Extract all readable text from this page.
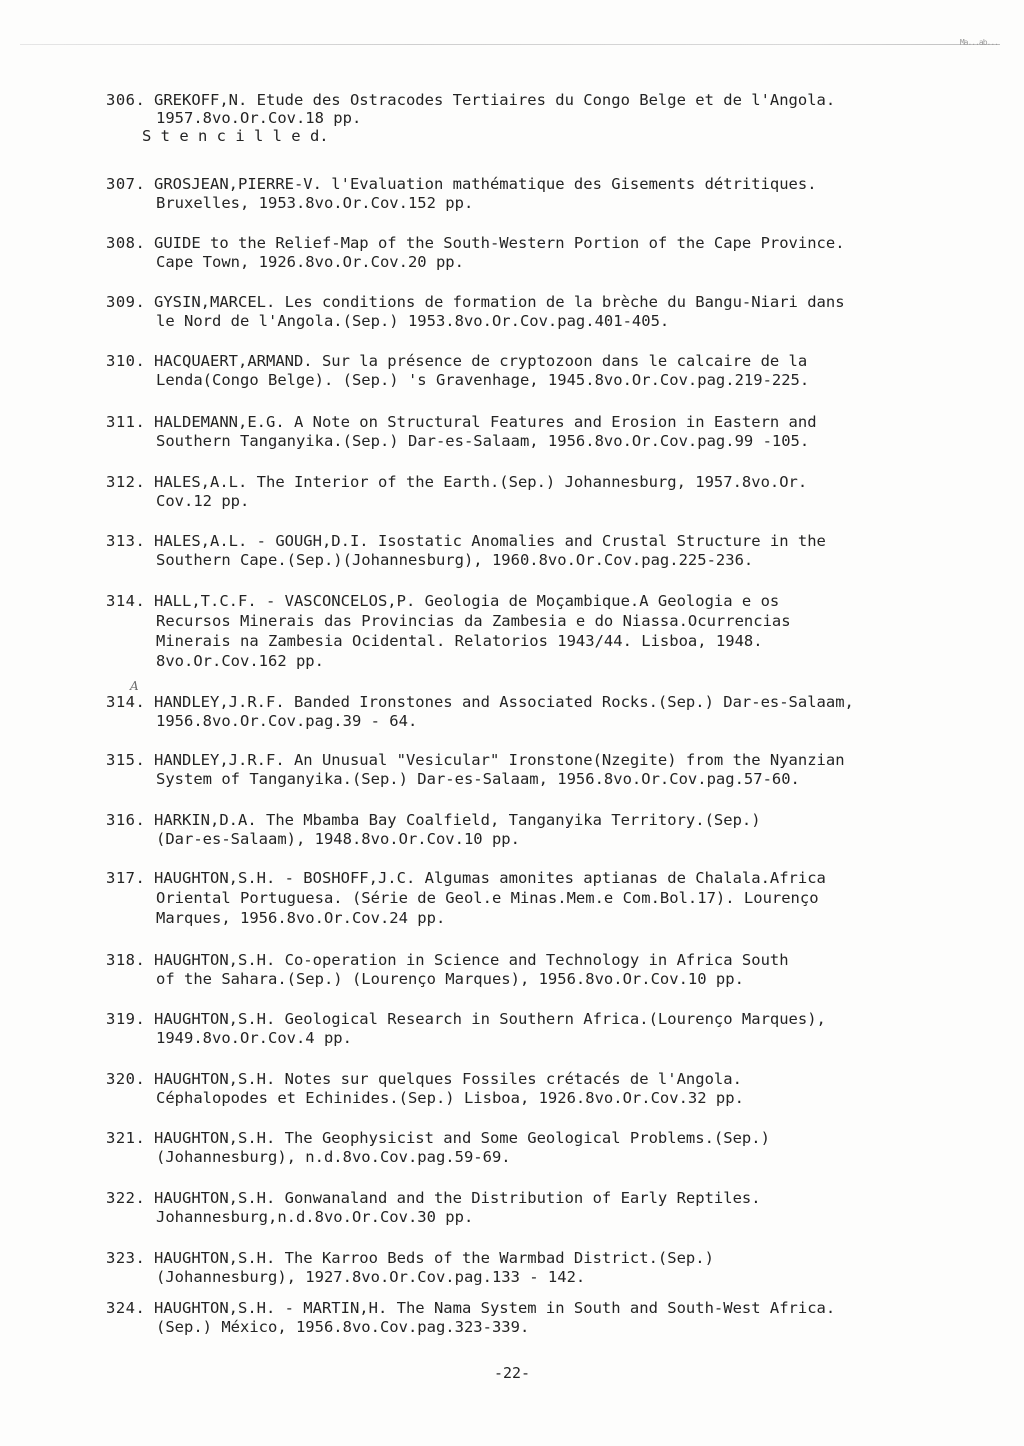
Ma...ab...
306. GREKOFF,N. Etude des Ostracodes Tertiaires du Congo Belge et de l'Angola.
1957.8vo.Or.Cov.18 pp.
S t e n c i l l e d.
307. GROSJEAN,PIERRE-V. l'Evaluation mathématique des Gisements détritiques.
Bruxelles, 1953.8vo.Or.Cov.152 pp.
308. GUIDE to the Relief-Map of the South-Western Portion of the Cape Province.
Cape Town, 1926.8vo.Or.Cov.20 pp.
309. GYSIN,MARCEL. Les conditions de formation de la brèche du Bangu-Niari dans
le Nord de l'Angola.(Sep.) 1953.8vo.Or.Cov.pag.401-405.
310. HACQUAERT,ARMAND. Sur la présence de cryptozoon dans le calcaire de la
Lenda(Congo Belge). (Sep.) 's Gravenhage, 1945.8vo.Or.Cov.pag.219-225.
311. HALDEMANN,E.G. A Note on Structural Features and Erosion in Eastern and
Southern Tanganyika.(Sep.) Dar-es-Salaam, 1956.8vo.Or.Cov.pag.99 -105.
312. HALES,A.L. The Interior of the Earth.(Sep.) Johannesburg, 1957.8vo.Or.
Cov.12 pp.
313. HALES,A.L. - GOUGH,D.I. Isostatic Anomalies and Crustal Structure in the
Southern Cape.(Sep.)(Johannesburg), 1960.8vo.Or.Cov.pag.225-236.
314. HALL,T.C.F. - VASCONCELOS,P. Geologia de Moçambique.A Geologia e os
Recursos Minerais das Provincias da Zambesia e do Niassa.Ocurrencias
Minerais na Zambesia Ocidental. Relatorios 1943/44. Lisboa, 1948.
8vo.Or.Cov.162 pp.
314.
A
HANDLEY,J.R.F. Banded Ironstones and Associated Rocks.(Sep.) Dar-es-Salaam,
1956.8vo.Or.Cov.pag.39 - 64.
315. HANDLEY,J.R.F. An Unusual "Vesicular" Ironstone(Nzegite) from the Nyanzian
System of Tanganyika.(Sep.) Dar-es-Salaam, 1956.8vo.Or.Cov.pag.57-60.
316. HARKIN,D.A. The Mbamba Bay Coalfield, Tanganyika Territory.(Sep.)
(Dar-es-Salaam), 1948.8vo.Or.Cov.10 pp.
317. HAUGHTON,S.H. - BOSHOFF,J.C. Algumas amonites aptianas de Chalala.Africa
Oriental Portuguesa. (Série de Geol.e Minas.Mem.e Com.Bol.17). Lourenço
Marques, 1956.8vo.Or.Cov.24 pp.
318. HAUGHTON,S.H. Co-operation in Science and Technology in Africa South
of the Sahara.(Sep.) (Lourenço Marques), 1956.8vo.Or.Cov.10 pp.
319. HAUGHTON,S.H. Geological Research in Southern Africa.(Lourenço Marques),
1949.8vo.Or.Cov.4 pp.
320. HAUGHTON,S.H. Notes sur quelques Fossiles crétacés de l'Angola.
Céphalopodes et Echinides.(Sep.) Lisboa, 1926.8vo.Or.Cov.32 pp.
321. HAUGHTON,S.H. The Geophysicist and Some Geological Problems.(Sep.)
(Johannesburg), n.d.8vo.Cov.pag.59-69.
322. HAUGHTON,S.H. Gonwanaland and the Distribution of Early Reptiles.
Johannesburg,n.d.8vo.Or.Cov.30 pp.
323. HAUGHTON,S.H. The Karroo Beds of the Warmbad District.(Sep.)
(Johannesburg), 1927.8vo.Or.Cov.pag.133 - 142.
324. HAUGHTON,S.H. - MARTIN,H. The Nama System in South and South-West Africa.
(Sep.) México, 1956.8vo.Cov.pag.323-339.
-22-
